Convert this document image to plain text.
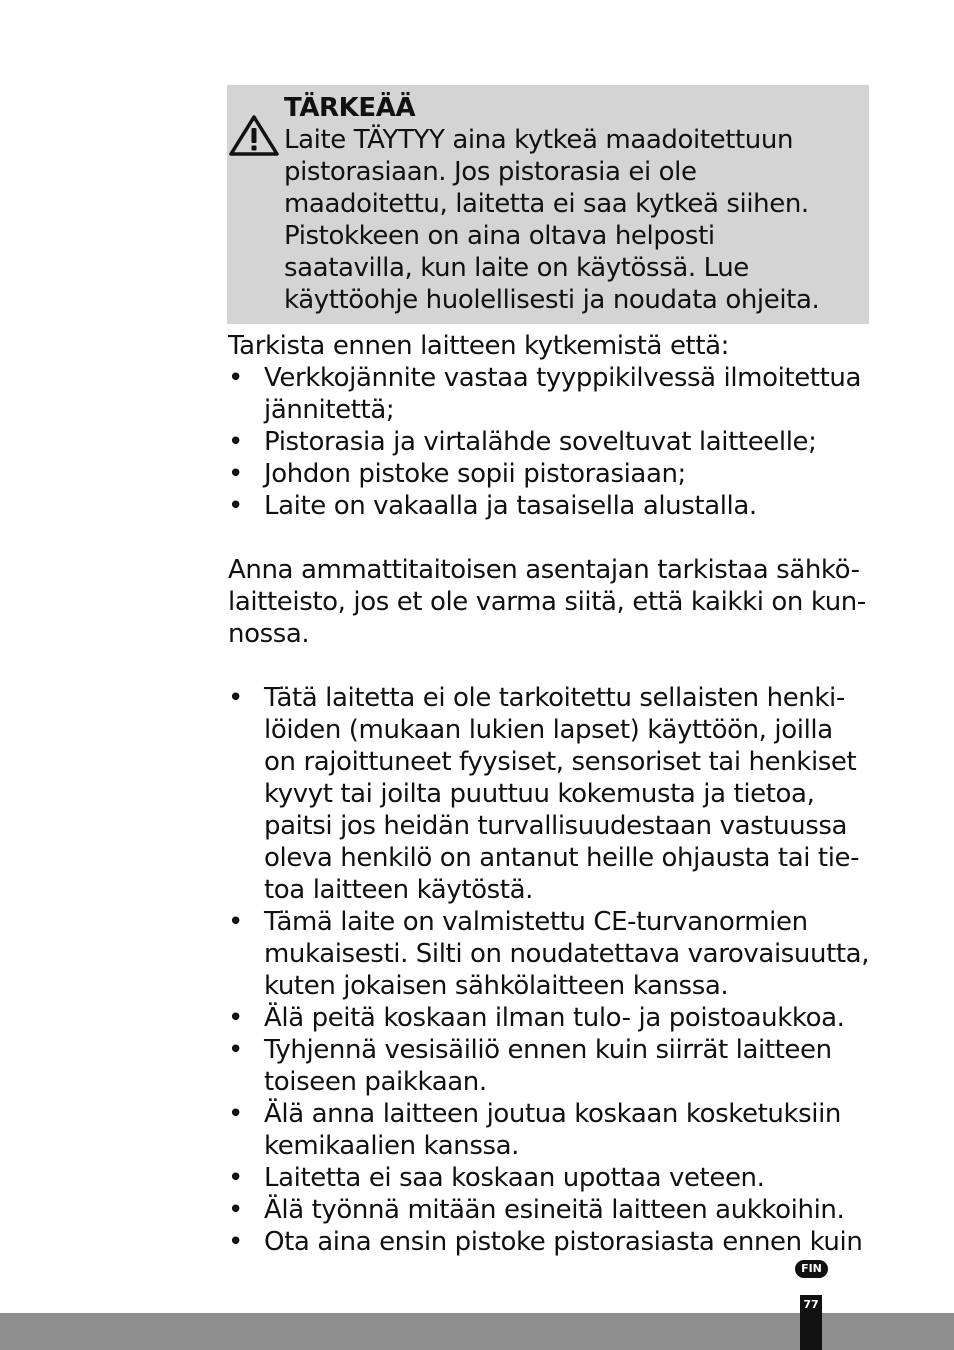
TÄRKEÄÄ
Laite TÄYTYY aina kytkeä maadoitettuun
pistorasiaan. Jos pistorasia ei ole
maadoitettu, laitetta ei saa kytkeä siihen.
Pistokkeen on aina oltava helposti
saatavilla, kun laite on käytössä. Lue
käyttöohje huolellisesti ja noudata ohjeita.
Tarkista ennen laitteen kytkemistä että:
• Verkkojännite vastaa tyyppikilvessä ilmoitettua
jännitettä;
• Pistorasia ja virtalähde soveltuvat laitteelle;
• Johdon pistoke sopii pistorasiaan;
• Laite on vakaalla ja tasaisella alustalla.
Anna ammattitaitoisen asentajan tarkistaa sähkö-
laitteisto, jos et ole varma siitä, että kaikki on kun-
nossa.
• Tätä laitetta ei ole tarkoitettu sellaisten henki-
löiden (mukaan lukien lapset) käyttöön, joilla
on rajoittuneet fyysiset, sensoriset tai henkiset
kyvyt tai joilta puuttuu kokemusta ja tietoa,
paitsi jos heidän turvallisuudestaan vastuussa
oleva henkilö on antanut heille ohjausta tai tie-
toa laitteen käytöstä.
• Tämä laite on valmistettu CE-turvanormien
mukaisesti. Silti on noudatettava varovaisuutta,
kuten jokaisen sähkölaitteen kanssa.
• Älä peitä koskaan ilman tulo- ja poistoaukkoa.
• Tyhjennä vesisäiliö ennen kuin siirrät laitteen
toiseen paikkaan.
• Älä anna laitteen joutua koskaan kosketuksiin
kemikaalien kanssa.
• Laitetta ei saa koskaan upottaa veteen.
• Älä työnnä mitään esineitä laitteen aukkoihin.
• Ota aina ensin pistoke pistorasiasta ennen kuin
FIN
77
